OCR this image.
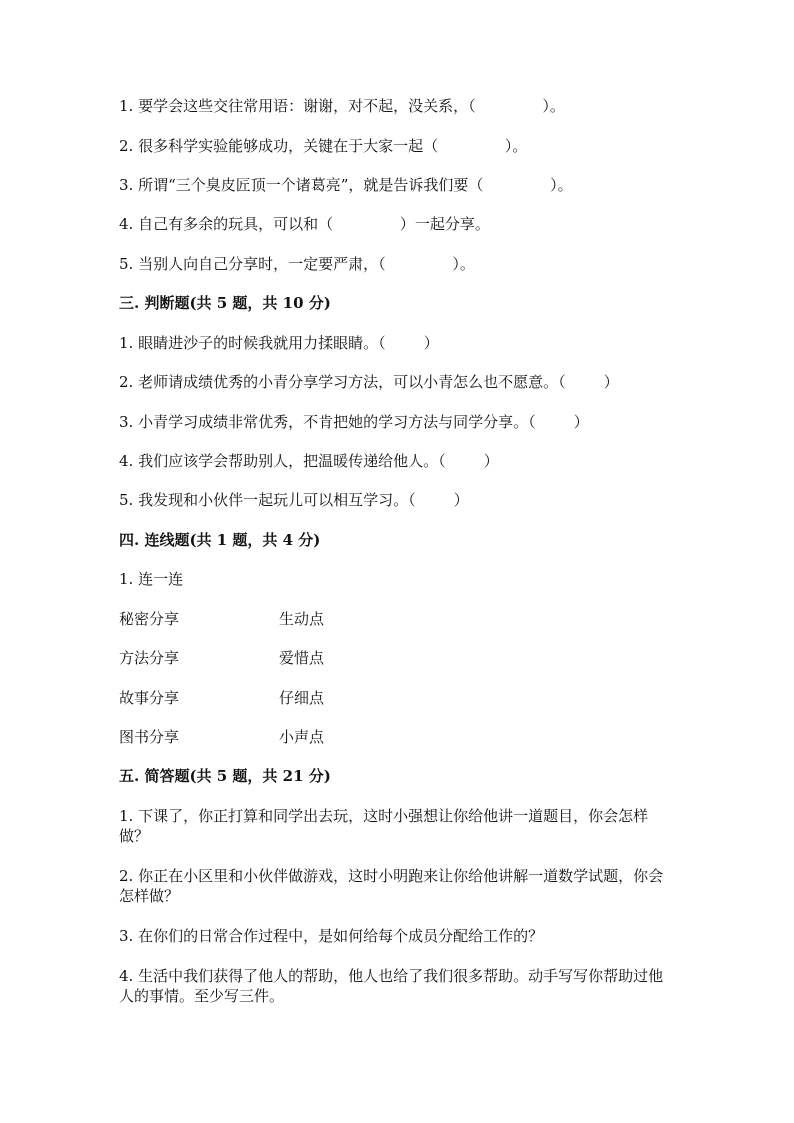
1. 要学会这些交往常用语：谢谢，对不起，没关系，（              ）。
2. 很多科学实验能够成功，关键在于大家一起（              ）。
3. 所谓“三个臭皮匠顶一个诸葛亮”，就是告诉我们要（              ）。
4. 自己有多余的玩具，可以和（              ）一起分享。
5. 当别人向自己分享时，一定要严肃，（              ）。
三. 判断题(共 5 题，共 10 分)
1. 眼睛进沙子的时候我就用力揉眼睛。（        ）
2. 老师请成绩优秀的小青分享学习方法，可以小青怎么也不愿意。（        ）
3. 小青学习成绩非常优秀，不肯把她的学习方法与同学分享。（        ）
4. 我们应该学会帮助别人，把温暖传递给他人。（        ）
5. 我发现和小伙伴一起玩儿可以相互学习。（        ）
四. 连线题(共 1 题，共 4 分)
1. 连一连
秘密分享	生动点
方法分享	爱惜点
故事分享	仔细点
图书分享	小声点
五. 简答题(共 5 题，共 21 分)
1. 下课了，你正打算和同学出去玩，这时小强想让你给他讲一道题目，你会怎样做？
2. 你正在小区里和小伙伴做游戏，这时小明跑来让你给他讲解一道数学试题，你会怎样做？
3. 在你们的日常合作过程中，是如何给每个成员分配给工作的？
4. 生活中我们获得了他人的帮助，他人也给了我们很多帮助。动手写写你帮助过他人的事情。至少写三件。
